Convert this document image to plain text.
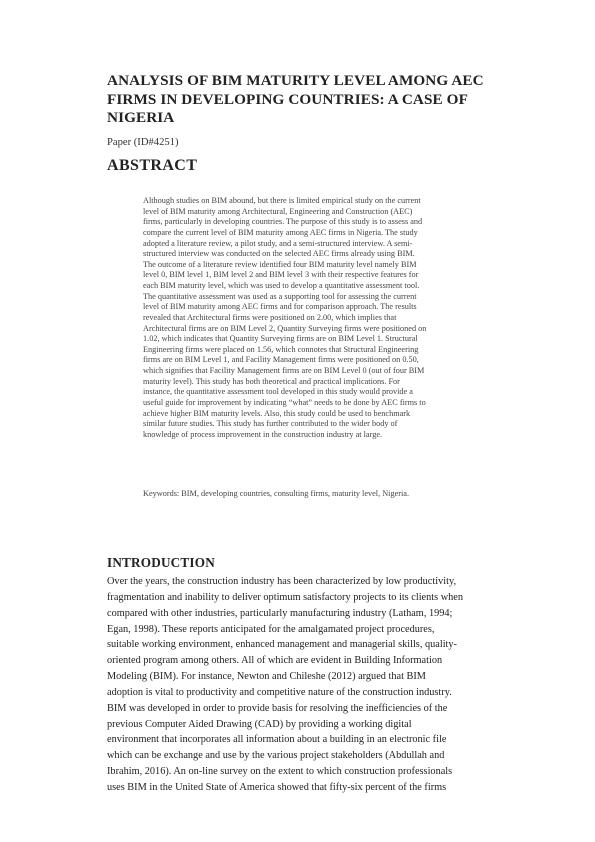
ANALYSIS OF BIM MATURITY LEVEL AMONG AEC
FIRMS IN DEVELOPING COUNTRIES: A CASE OF
NIGERIA
Paper (ID#4251)
ABSTRACT
Although studies on BIM abound, but there is limited empirical study on the current
level of BIM maturity among Architectural, Engineering and Construction (AEC)
firms, particularly in developing countries. The purpose of this study is to assess and
compare the current level of BIM maturity among AEC firms in Nigeria. The study
adopted a literature review, a pilot study, and a semi-structured interview. A semi-
structured interview was conducted on the selected AEC firms already using BIM.
The outcome of a literature review identified four BIM maturity level namely BIM
level 0, BIM level 1, BIM level 2 and BIM level 3 with their respective features for
each BIM maturity level, which was used to develop a quantitative assessment tool.
The quantitative assessment was used as a supporting tool for assessing the current
level of BIM maturity among AEC firms and for comparison approach. The results
revealed that Architectural firms were positioned on 2.00, which implies that
Architectural firms are on BIM Level 2, Quantity Surveying firms were positioned on
1.02, which indicates that Quantity Surveying firms are on BIM Level 1. Structural
Engineering firms were placed on 1.56, which connotes that Structural Engineering
firms are on BIM Level 1, and Facility Management firms were positioned on 0.50,
which signifies that Facility Management firms are on BIM Level 0 (out of four BIM
maturity level). This study has both theoretical and practical implications. For
instance, the quantitative assessment tool developed in this study would provide a
useful guide for improvement by indicating “what” needs to be done by AEC firms to
achieve higher BIM maturity levels. Also, this study could be used to benchmark
similar future studies. This study has further contributed to the wider body of
knowledge of process improvement in the construction industry at large.
Keywords: BIM, developing countries, consulting firms, maturity level, Nigeria.
INTRODUCTION
Over the years, the construction industry has been characterized by low productivity,
fragmentation and inability to deliver optimum satisfactory projects to its clients when
compared with other industries, particularly manufacturing industry (Latham, 1994;
Egan, 1998). These reports anticipated for the amalgamated project procedures,
suitable working environment, enhanced management and managerial skills, quality-
oriented program among others. All of which are evident in Building Information
Modeling (BIM). For instance, Newton and Chileshe (2012) argued that BIM
adoption is vital to productivity and competitive nature of the construction industry.
BIM was developed in order to provide basis for resolving the inefficiencies of the
previous Computer Aided Drawing (CAD) by providing a working digital
environment that incorporates all information about a building in an electronic file
which can be exchange and use by the various project stakeholders (Abdullah and
Ibrahim, 2016). An on-line survey on the extent to which construction professionals
uses BIM in the United State of America showed that fifty-six percent of the firms
